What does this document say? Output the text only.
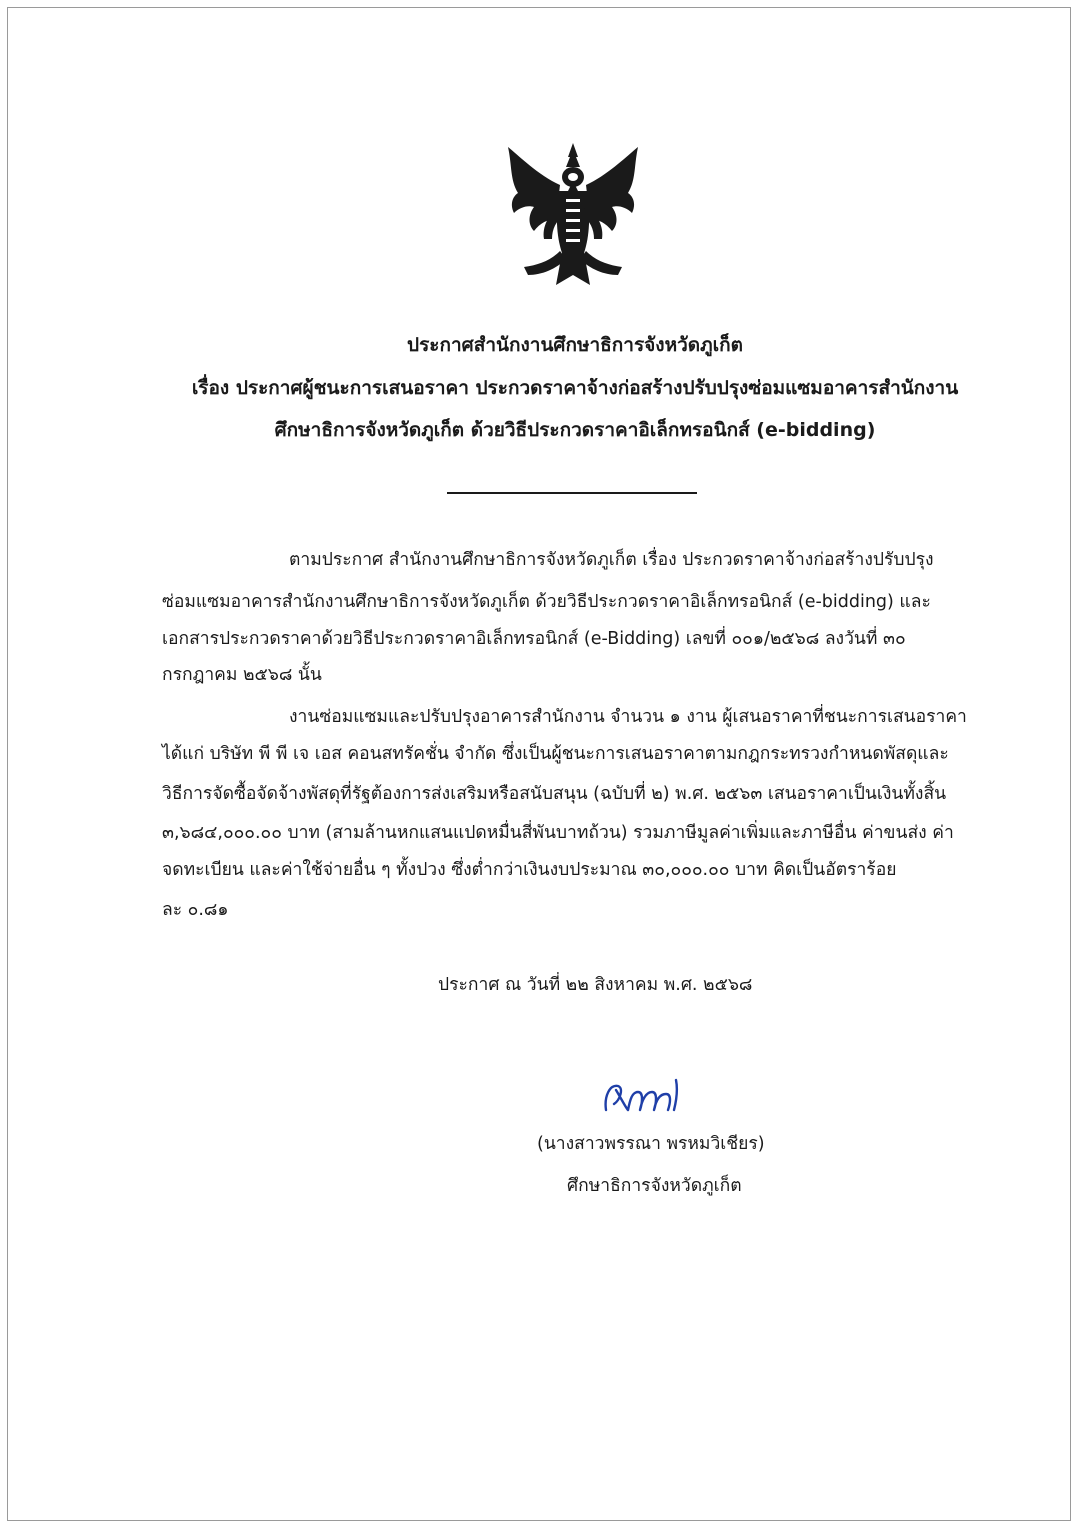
ประกาศสำนักงานศึกษาธิการจังหวัดภูเก็ต
เรื่อง ประกาศผู้ชนะการเสนอราคา ประกวดราคาจ้างก่อสร้างปรับปรุงซ่อมแซมอาคารสำนักงาน
ศึกษาธิการจังหวัดภูเก็ต ด้วยวิธีประกวดราคาอิเล็กทรอนิกส์ (e-bidding)
ตามประกาศ สำนักงานศึกษาธิการจังหวัดภูเก็ต เรื่อง ประกวดราคาจ้างก่อสร้างปรับปรุง
ซ่อมแซมอาคารสำนักงานศึกษาธิการจังหวัดภูเก็ต ด้วยวิธีประกวดราคาอิเล็กทรอนิกส์ (e-bidding) และ
เอกสารประกวดราคาด้วยวิธีประกวดราคาอิเล็กทรอนิกส์ (e-Bidding) เลขที่ ๐๐๑/๒๕๖๘ ลงวันที่ ๓๐
กรกฎาคม ๒๕๖๘ นั้น
งานซ่อมแซมและปรับปรุงอาคารสำนักงาน จำนวน ๑ งาน ผู้เสนอราคาที่ชนะการเสนอราคา
ได้แก่ บริษัท พี พี เจ เอส คอนสทรัคชั่น จำกัด ซึ่งเป็นผู้ชนะการเสนอราคาตามกฎกระทรวงกำหนดพัสดุและ
วิธีการจัดซื้อจัดจ้างพัสดุที่รัฐต้องการส่งเสริมหรือสนับสนุน (ฉบับที่ ๒) พ.ศ. ๒๕๖๓ เสนอราคาเป็นเงินทั้งสิ้น
๓,๖๘๔,๐๐๐.๐๐ บาท (สามล้านหกแสนแปดหมื่นสี่พันบาทถ้วน) รวมภาษีมูลค่าเพิ่มและภาษีอื่น ค่าขนส่ง ค่า
จดทะเบียน และค่าใช้จ่ายอื่น ๆ ทั้งปวง ซึ่งต่ำกว่าเงินงบประมาณ ๓๐,๐๐๐.๐๐ บาท คิดเป็นอัตราร้อย
ละ ๐.๘๑
ประกาศ ณ วันที่ ๒๒ สิงหาคม พ.ศ. ๒๕๖๘
(นางสาวพรรณา พรหมวิเชียร)
ศึกษาธิการจังหวัดภูเก็ต
